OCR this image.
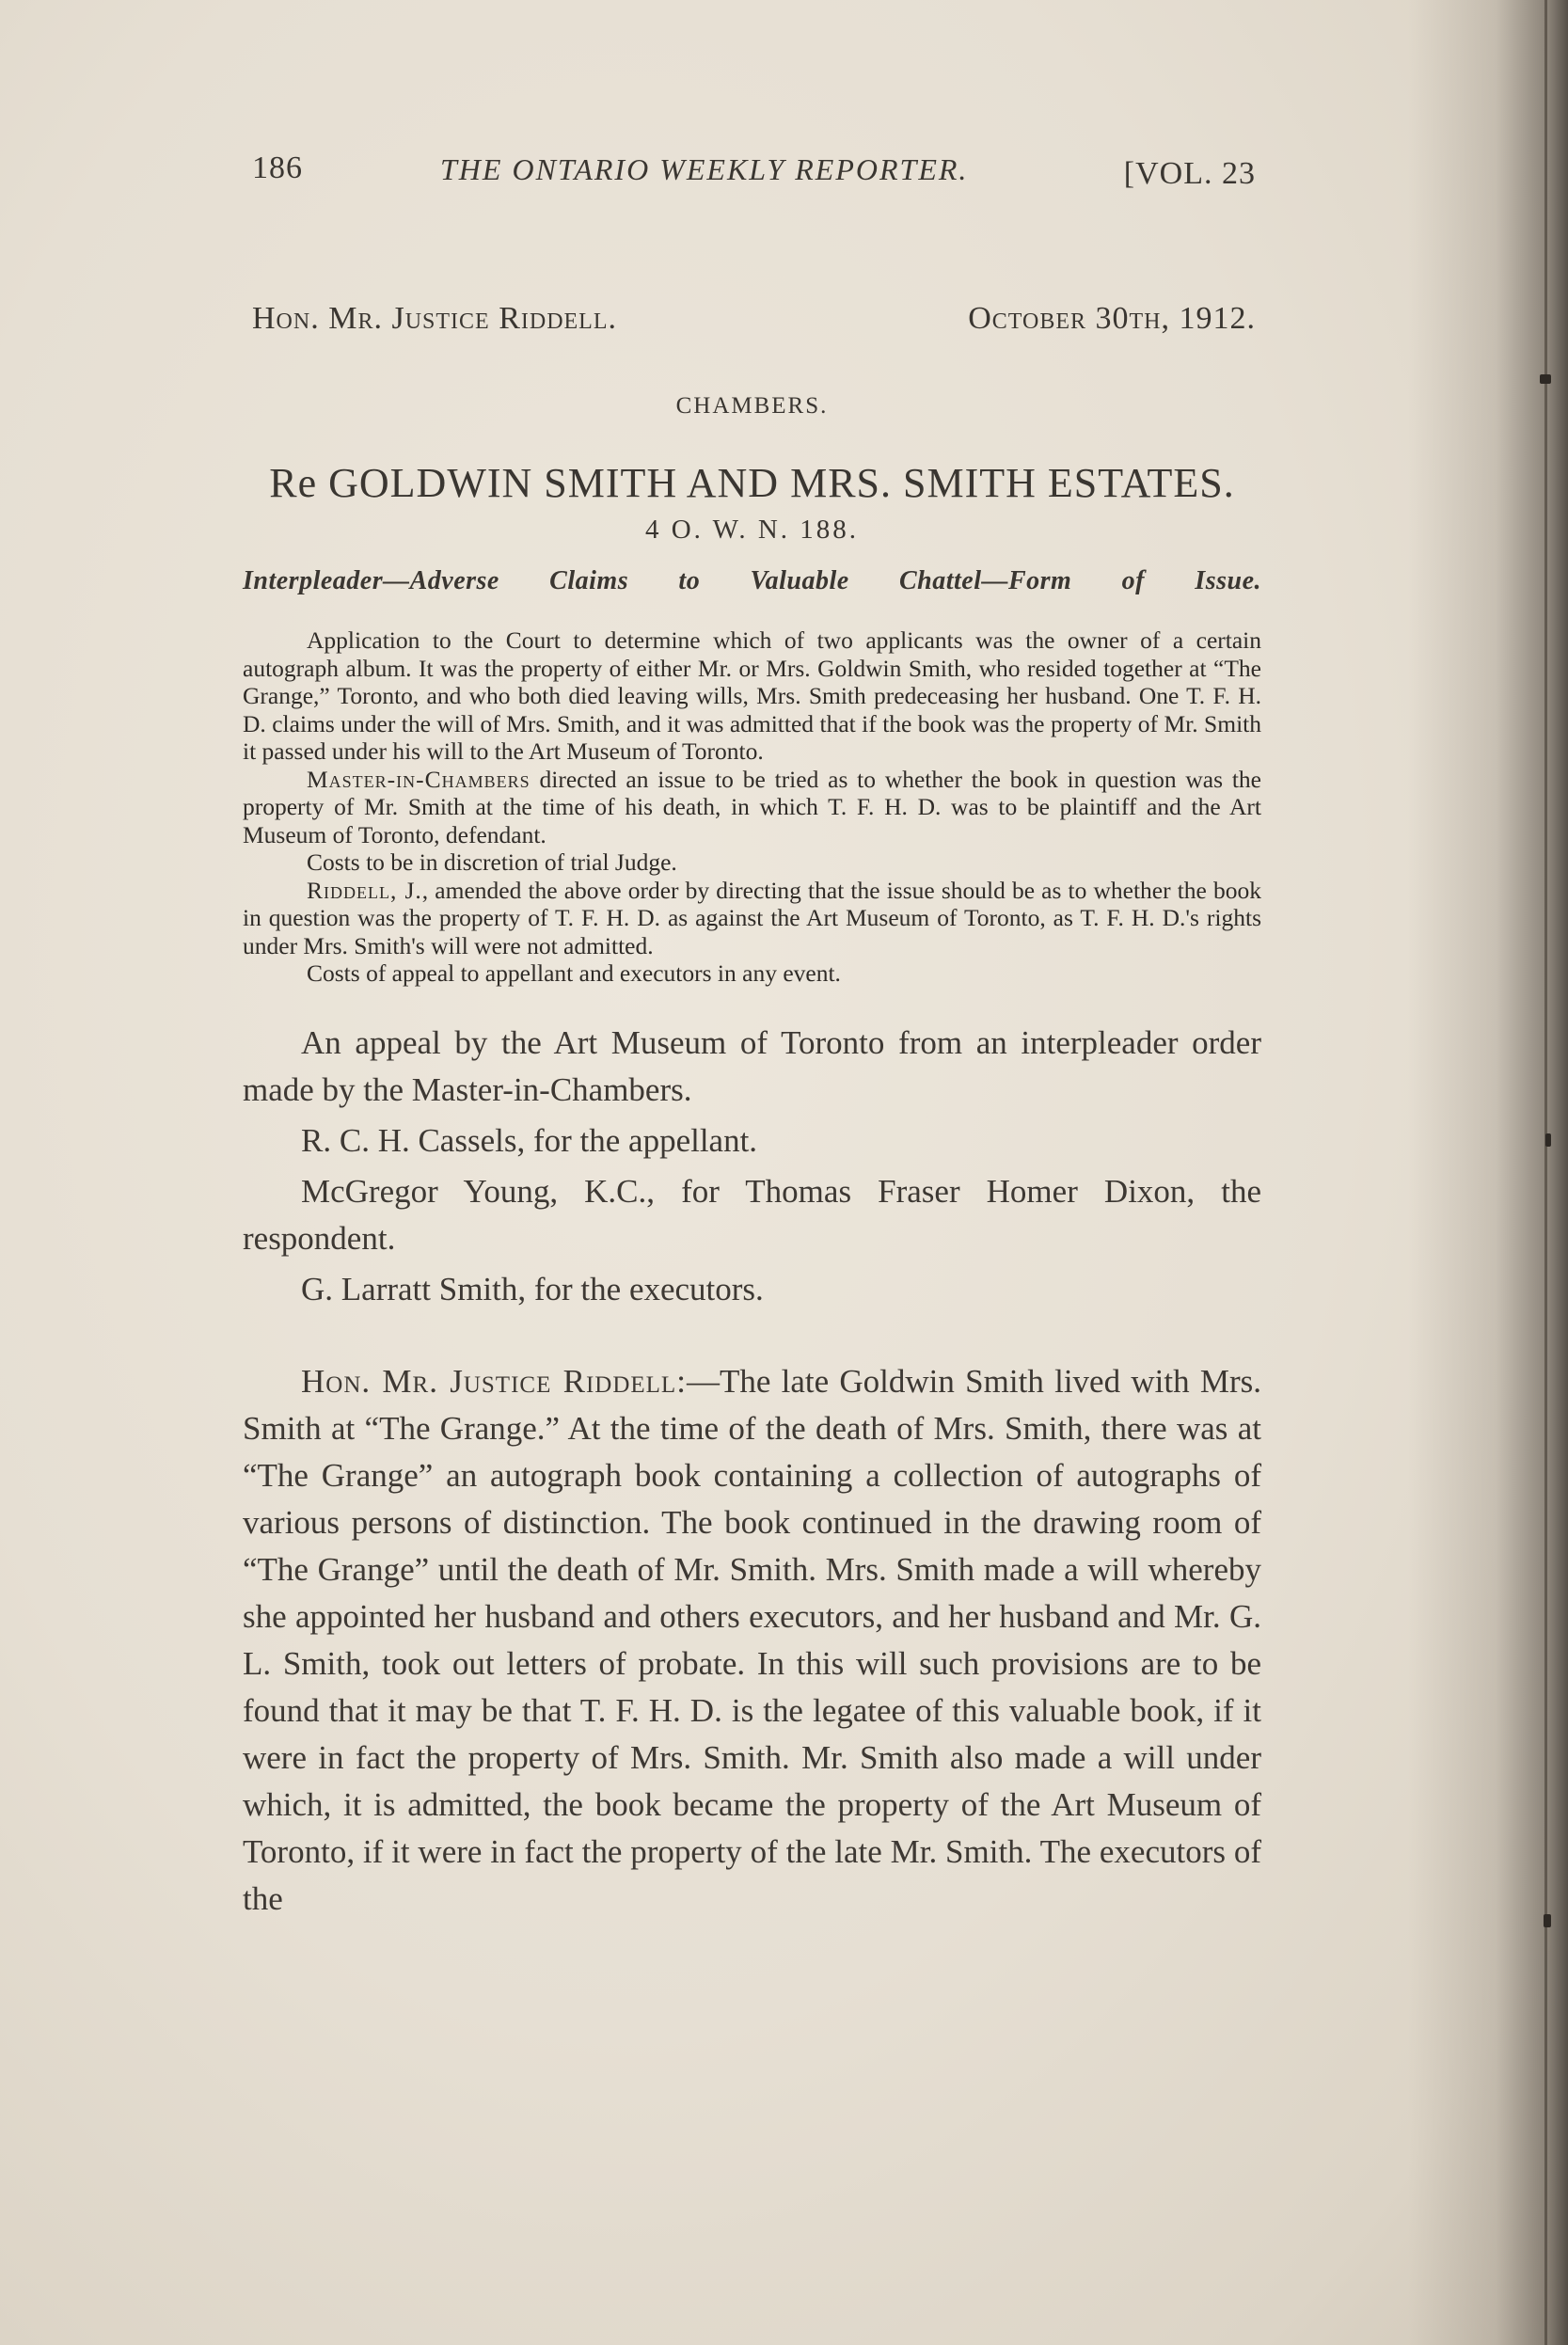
186	THE ONTARIO WEEKLY REPORTER.	[VOL. 23
Hon. Mr. Justice Riddell.	October 30th, 1912.
CHAMBERS.
Re GOLDWIN SMITH AND MRS. SMITH ESTATES.
4 O. W. N. 188.
Interpleader—Adverse Claims to Valuable Chattel—Form of Issue.

Application to the Court to determine which of two applicants was the owner of a certain autograph album. It was the property of either Mr. or Mrs. Goldwin Smith, who resided together at “The Grange,” Toronto, and who both died leaving wills, Mrs. Smith predeceasing her husband. One T. F. H. D. claims under the will of Mrs. Smith, and it was admitted that if the book was the property of Mr. Smith it passed under his will to the Art Museum of Toronto.

Master-in-Chambers directed an issue to be tried as to whether the book in question was the property of Mr. Smith at the time of his death, in which T. F. H. D. was to be plaintiff and the Art Museum of Toronto, defendant.

Costs to be in discretion of trial Judge.

Riddell, J., amended the above order by directing that the issue should be as to whether the book in question was the property of T. F. H. D. as against the Art Museum of Toronto, as T. F. H. D.'s rights under Mrs. Smith's will were not admitted.

Costs of appeal to appellant and executors in any event.

An appeal by the Art Museum of Toronto from an interpleader order made by the Master-in-Chambers.

R. C. H. Cassels, for the appellant.

McGregor Young, K.C., for Thomas Fraser Homer Dixon, the respondent.

G. Larratt Smith, for the executors.

Hon. Mr. Justice Riddell:—The late Goldwin Smith lived with Mrs. Smith at “The Grange.” At the time of the death of Mrs. Smith, there was at “The Grange” an autograph book containing a collection of autographs of various persons of distinction. The book continued in the drawing room of “The Grange” until the death of Mr. Smith. Mrs. Smith made a will whereby she appointed her husband and others executors, and her husband and Mr. G. L. Smith, took out letters of probate. In this will such provisions are to be found that it may be that T. F. H. D. is the legatee of this valuable book, if it were in fact the property of Mrs. Smith. Mr. Smith also made a will under which, it is admitted, the book became the property of the Art Museum of Toronto, if it were in fact the property of the late Mr. Smith. The executors of the
